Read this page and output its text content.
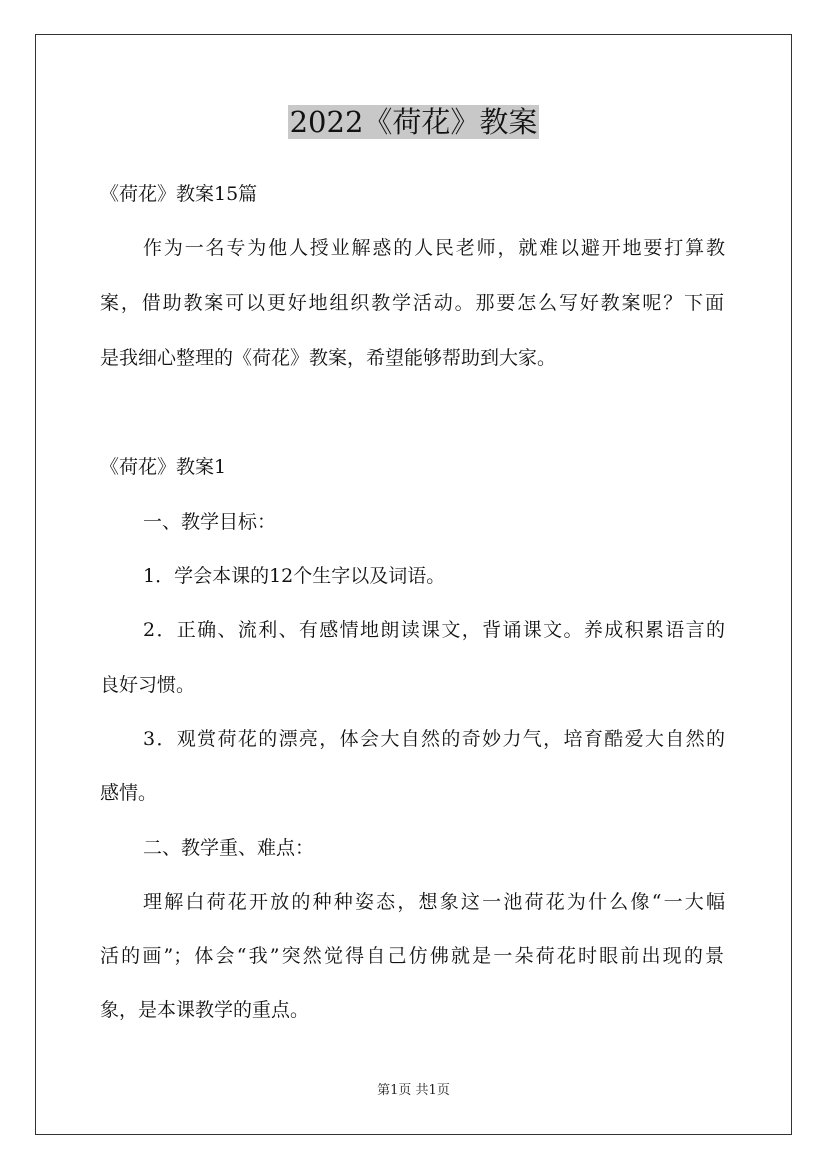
2022《荷花》教案
《荷花》教案15篇
作为一名专为他人授业解惑的人民老师，就难以避开地要打算教
案，借助教案可以更好地组织教学活动。那要怎么写好教案呢？下面
是我细心整理的《荷花》教案，希望能够帮助到大家。
《荷花》教案1
一、教学目标：
1．学会本课的12个生字以及词语。
2．正确、流利、有感情地朗读课文，背诵课文。养成积累语言的
良好习惯。
3．观赏荷花的漂亮，体会大自然的奇妙力气，培育酷爱大自然的
感情。
二、教学重、难点：
理解白荷花开放的种种姿态，想象这一池荷花为什么像“一大幅
活的画”；体会“我”突然觉得自己仿佛就是一朵荷花时眼前出现的景
象，是本课教学的重点。
第1页 共1页
